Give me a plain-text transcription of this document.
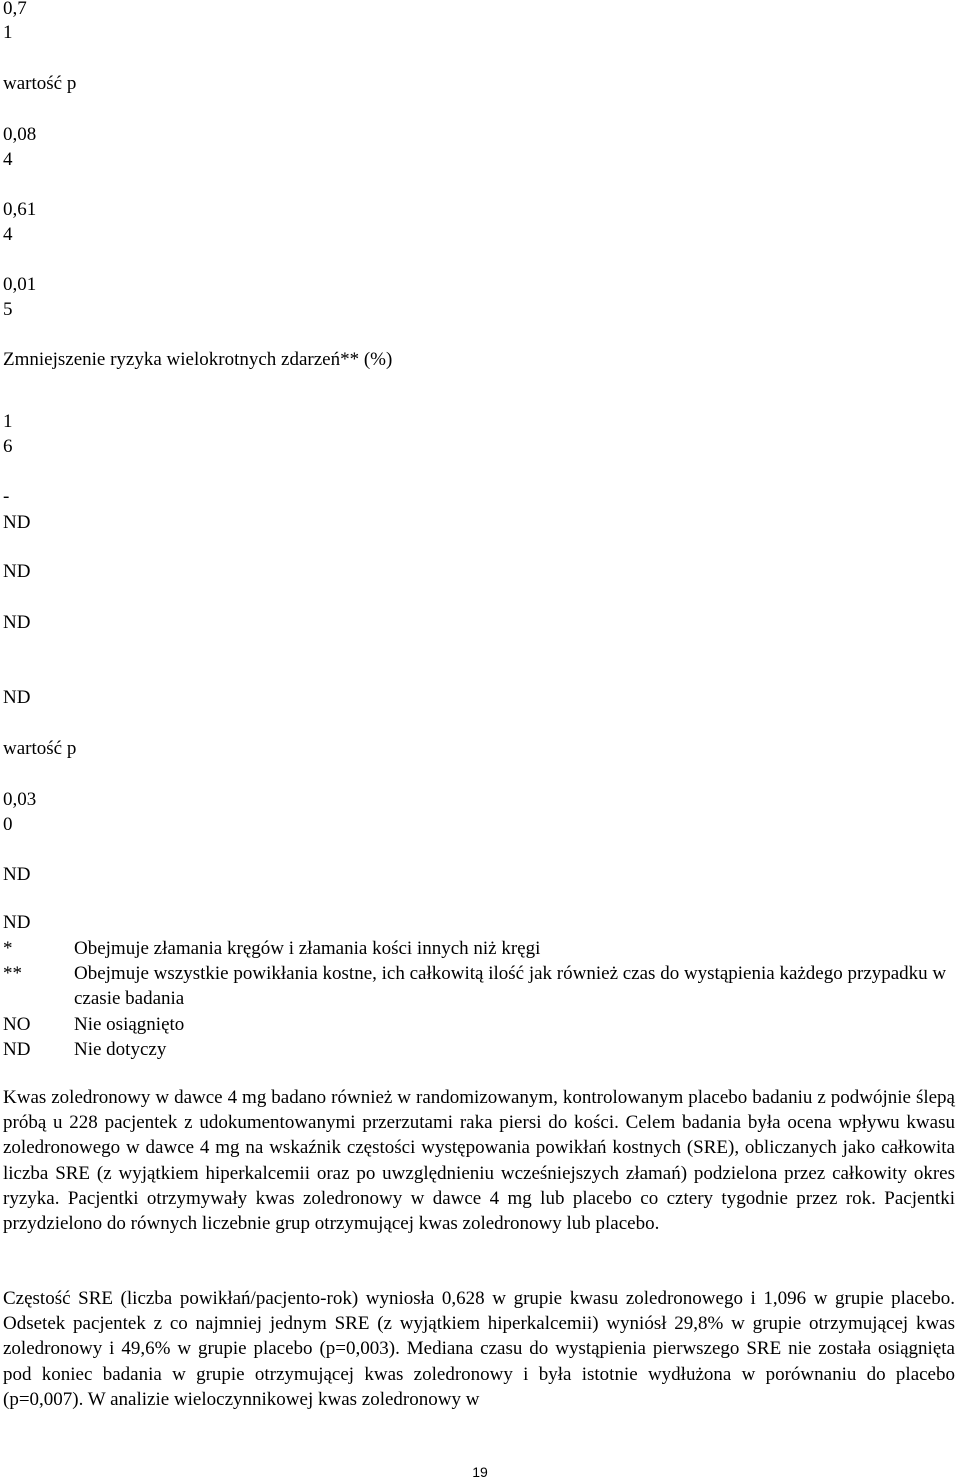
0,7
1
wartość p
0,08
4
0,61
4
0,01
5
Zmniejszenie ryzyka wielokrotnych zdarzeń** (%)
1
6
-
ND
ND
ND
ND
wartość p
0,03
0
ND
ND
*	Obejmuje złamania kręgów i złamania kości innych niż kręgi
**	Obejmuje wszystkie powikłania kostne, ich całkowitą ilość jak również czas do wystąpienia każdego przypadku w czasie badania
NO Nie osiągnięto
ND Nie dotyczy

Kwas zoledronowy w dawce 4 mg badano również w randomizowanym, kontrolowanym placebo badaniu z podwójnie ślepą próbą u 228 pacjentek z udokumentowanymi przerzutami raka piersi do kości. Celem badania była ocena wpływu kwasu zoledronowego w dawce 4 mg na wskaźnik częstości występowania powikłań kostnych (SRE), obliczanych jako całkowita liczba SRE (z wyjątkiem hiperkalcemii oraz po uwzględnieniu wcześniejszych złamań) podzielona przez całkowity okres ryzyka. Pacjentki otrzymywały kwas zoledronowy w dawce 4 mg lub placebo co cztery tygodnie przez rok. Pacjentki przydzielono do równych liczebnie grup otrzymującej kwas zoledronowy lub placebo.

Częstość SRE (liczba powikłań/pacjento-rok) wyniosła 0,628 w grupie kwasu zoledronowego i 1,096 w grupie placebo. Odsetek pacjentek z co najmniej jednym SRE (z wyjątkiem hiperkalcemii) wyniósł 29,8% w grupie otrzymującej kwas zoledronowy i 49,6% w grupie placebo (p=0,003). Mediana czasu do wystąpienia pierwszego SRE nie została osiągnięta pod koniec badania w grupie otrzymującej kwas zoledronowy i była istotnie wydłużona w porównaniu do placebo (p=0,007). W analizie wieloczynnikowej kwas zoledronowy w

19
